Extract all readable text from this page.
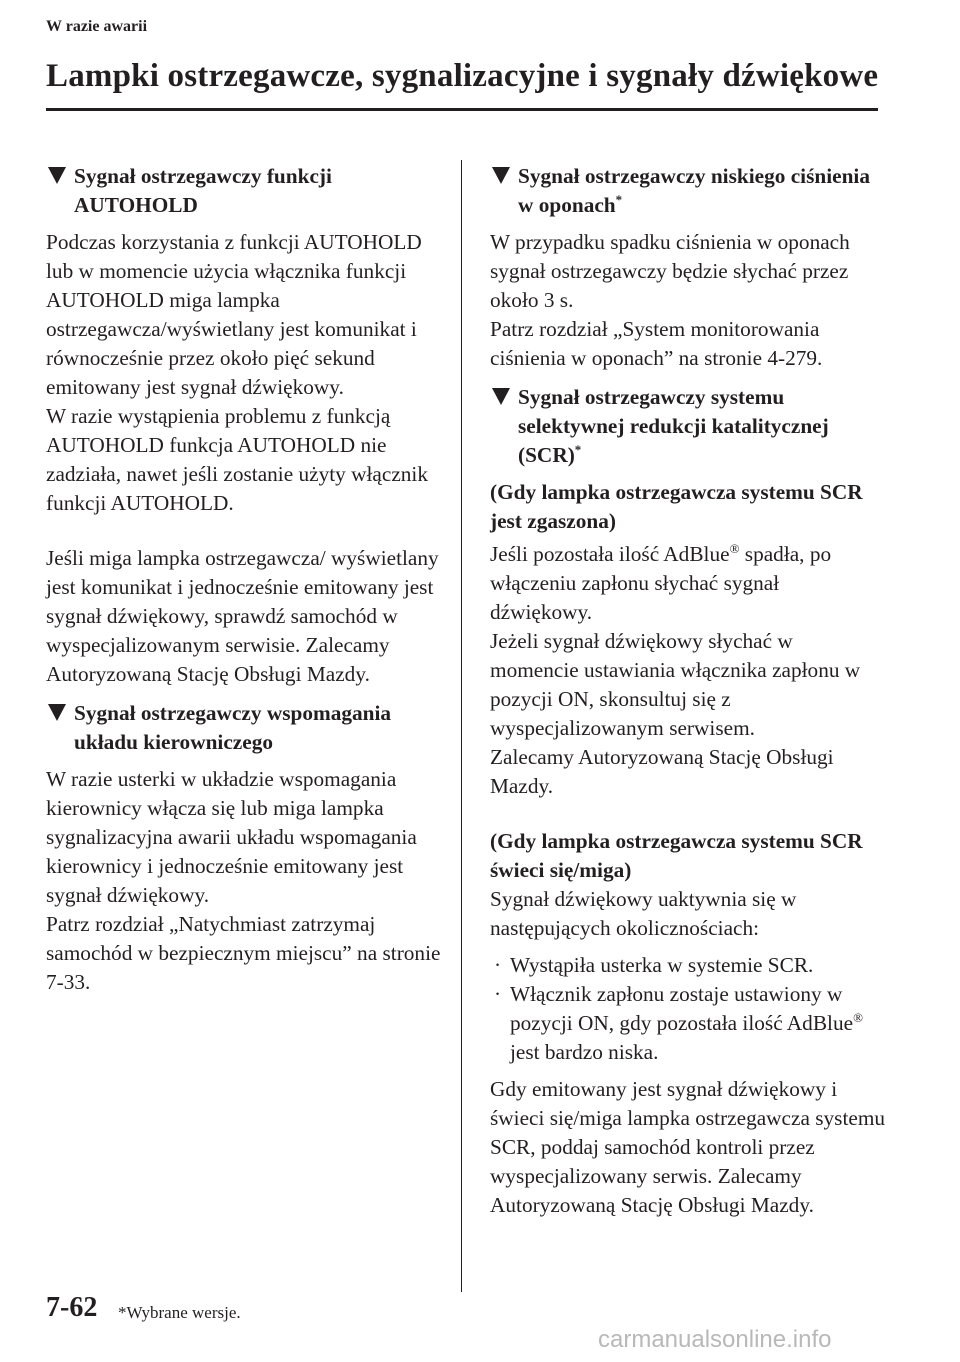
W razie awarii
Lampki ostrzegawcze, sygnalizacyjne i sygnały dźwiękowe
Sygnał ostrzegawczy funkcji AUTOHOLD

Podczas korzystania z funkcji AUTOHOLD lub w momencie użycia włącznika funkcji AUTOHOLD miga lampka ostrzegawcza/wyświetlany jest komunikat i równocześnie przez około pięć sekund emitowany jest sygnał dźwiękowy.

W razie wystąpienia problemu z funkcją AUTOHOLD funkcja AUTOHOLD nie zadziała, nawet jeśli zostanie użyty włącznik funkcji AUTOHOLD.

Jeśli miga lampka ostrzegawcza/ wyświetlany jest komunikat i jednocześnie emitowany jest sygnał dźwiękowy, sprawdź samochód w wyspecjalizowanym serwisie. Zalecamy Autoryzowaną Stację Obsługi Mazdy.

Sygnał ostrzegawczy wspomagania układu kierowniczego

W razie usterki w układzie wspomagania kierownicy włącza się lub miga lampka sygnalizacyjna awarii układu wspomagania kierownicy i jednocześnie emitowany jest sygnał dźwiękowy.

Patrz rozdział „Natychmiast zatrzymaj samochód w bezpiecznym miejscu” na stronie 7-33.

Sygnał ostrzegawczy niskiego ciśnienia w oponach*

W przypadku spadku ciśnienia w oponach sygnał ostrzegawczy będzie słychać przez około 3 s.

Patrz rozdział „System monitorowania ciśnienia w oponach” na stronie 4-279.

Sygnał ostrzegawczy systemu selektywnej redukcji katalitycznej (SCR)*
(Gdy lampka ostrzegawcza systemu SCR jest zgaszona)

Jeśli pozostała ilość AdBlue® spadła, po włączeniu zapłonu słychać sygnał dźwiękowy.

Jeżeli sygnał dźwiękowy słychać w momencie ustawiania włącznika zapłonu w pozycji ON, skonsultuj się z wyspecjalizowanym serwisem.

Zalecamy Autoryzowaną Stację Obsługi Mazdy.

(Gdy lampka ostrzegawcza systemu SCR świeci się/miga)

Sygnał dźwiękowy uaktywnia się w następujących okolicznościach:

· Wystąpiła usterka w systemie SCR.
· Włącznik zapłonu zostaje ustawiony w pozycji ON, gdy pozostała ilość AdBlue® jest bardzo niska.

Gdy emitowany jest sygnał dźwiękowy i świeci się/miga lampka ostrzegawcza systemu SCR, poddaj samochód kontroli przez wyspecjalizowany serwis. Zalecamy Autoryzowaną Stację Obsługi Mazdy.

7-62 *Wybrane wersje.
carmanualsonline.info
